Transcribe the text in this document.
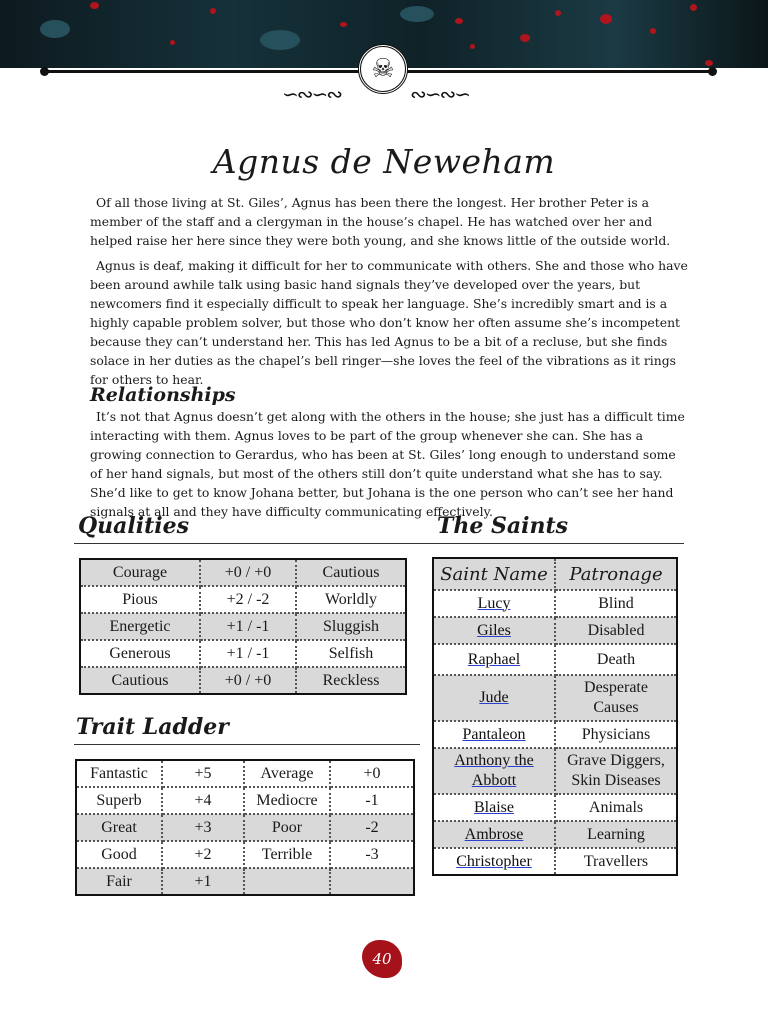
☠
∽∾∽∾	∾∽∾∽
Agnus de Neweham

Of all those living at St. Giles’, Agnus has been there the longest. Her brother Peter is a member of the staff and a clergyman in the house’s chapel. He has watched over her and helped raise her here since they were both young, and she knows little of the outside world.

Agnus is deaf, making it difficult for her to communicate with others. She and those who have been around awhile talk using basic hand signals they’ve developed over the years, but newcomers find it especially difficult to speak her language. She’s incredibly smart and is a highly capable problem solver, but those who don’t know her often assume she’s incompetent because they can’t understand her. This has led Agnus to be a bit of a recluse, but she finds solace in her duties as the chapel’s bell ringer—she loves the feel of the vibrations as it rings for others to hear.

Relationships

It’s not that Agnus doesn’t get along with the others in the house; she just has a difficult time interacting with them. Agnus loves to be part of the group whenever she can. She has a growing connection to Gerardus, who has been at St. Giles’ long enough to understand some of her hand signals, but most of the others still don’t quite understand what she has to say. She’d like to get to know Johana better, but Johana is the one person who can’t see her hand signals at all and they have difficulty communicating effectively.

Qualities
Courage	+0 / +0	Cautious
Pious	+2 / -2	Worldly
Energetic	+1 / -1	Sluggish
Generous	+1 / -1	Selfish
Cautious	+0 / +0	Reckless
Trait Ladder
Fantastic	+5	Average	+0
Superb	+4	Mediocre	-1
Great	+3	Poor	-2
Good	+2	Terrible	-3
Fair	+1		
The Saints
Saint Name	Patronage
Lucy	Blind
Giles	Disabled
Raphael	Death
Jude	Desperate Causes
Pantaleon	Physicians
Anthony the Abbott	Grave Diggers, Skin Diseases
Blaise	Animals
Ambrose	Learning
Christopher	Travellers
40
